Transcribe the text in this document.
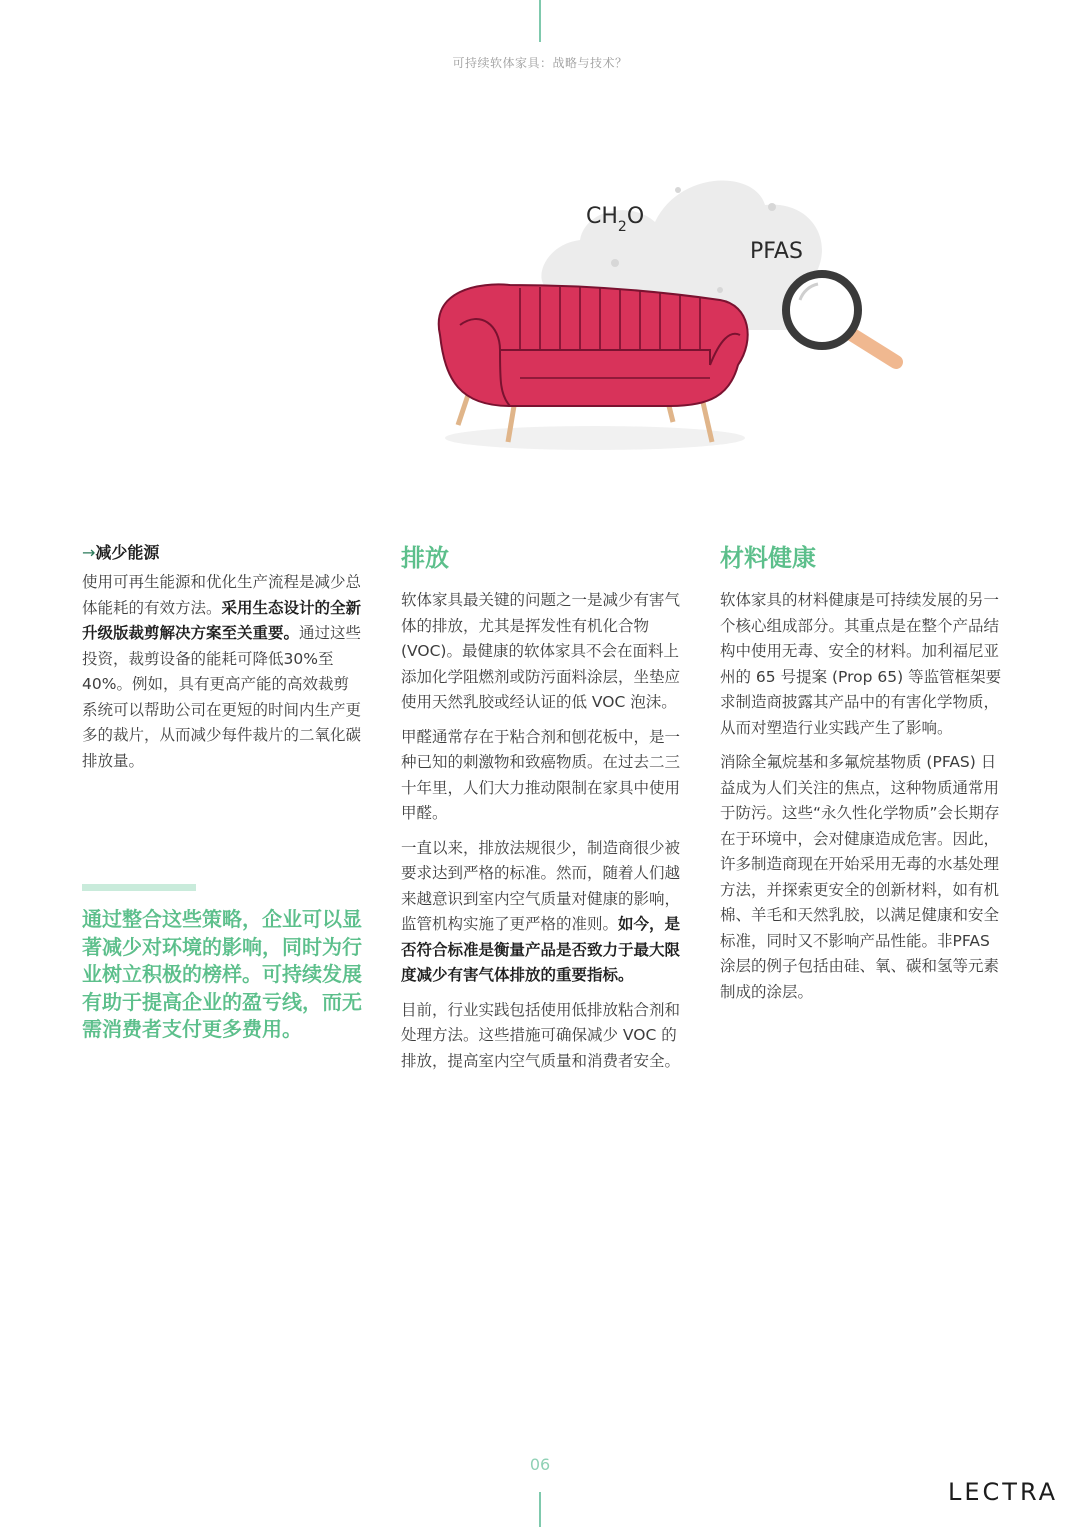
可持续软体家具：战略与技术？
$CH_2O$
PFAS
→减少能源

使用可再生能源和优化生产流程是减少总体能耗的有效方法。采用生态设计的全新升级版裁剪解决方案至关重要。通过这些投资，裁剪设备的能耗可降低30%至40%。例如，具有更高产能的高效裁剪系统可以帮助公司在更短的时间内生产更多的裁片，从而减少每件裁片的二氧化碳排放量。

通过整合这些策略，企业可以显著减少对环境的影响，同时为行业树立积极的榜样。可持续发展有助于提高企业的盈亏线，而无需消费者支付更多费用。
排放

软体家具最关键的问题之一是减少有害气体的排放，尤其是挥发性有机化合物 (VOC)。最健康的软体家具不会在面料上添加化学阻燃剂或防污面料涂层，坐垫应使用天然乳胶或经认证的低 VOC 泡沫。

甲醛通常存在于粘合剂和刨花板中，是一种已知的刺激物和致癌物质。在过去二三十年里，人们大力推动限制在家具中使用甲醛。

一直以来，排放法规很少，制造商很少被要求达到严格的标准。然而，随着人们越来越意识到室内空气质量对健康的影响，监管机构实施了更严格的准则。如今，是否符合标准是衡量产品是否致力于最大限度减少有害气体排放的重要指标。

目前，行业实践包括使用低排放粘合剂和处理方法。这些措施可确保减少 VOC 的排放，提高室内空气质量和消费者安全。

材料健康

软体家具的材料健康是可持续发展的另一个核心组成部分。其重点是在整个产品结构中使用无毒、安全的材料。加利福尼亚州的 65 号提案 (Prop 65) 等监管框架要求制造商披露其产品中的有害化学物质，从而对塑造行业实践产生了影响。

消除全氟烷基和多氟烷基物质 (PFAS) 日益成为人们关注的焦点，这种物质通常用于防污。这些“永久性化学物质”会长期存在于环境中，会对健康造成危害。因此，许多制造商现在开始采用无毒的水基处理方法，并探索更安全的创新材料，如有机棉、羊毛和天然乳胶，以满足健康和安全标准，同时又不影响产品性能。非PFAS 涂层的例子包括由硅、氧、碳和氢等元素制成的涂层。

06
LECTRA
